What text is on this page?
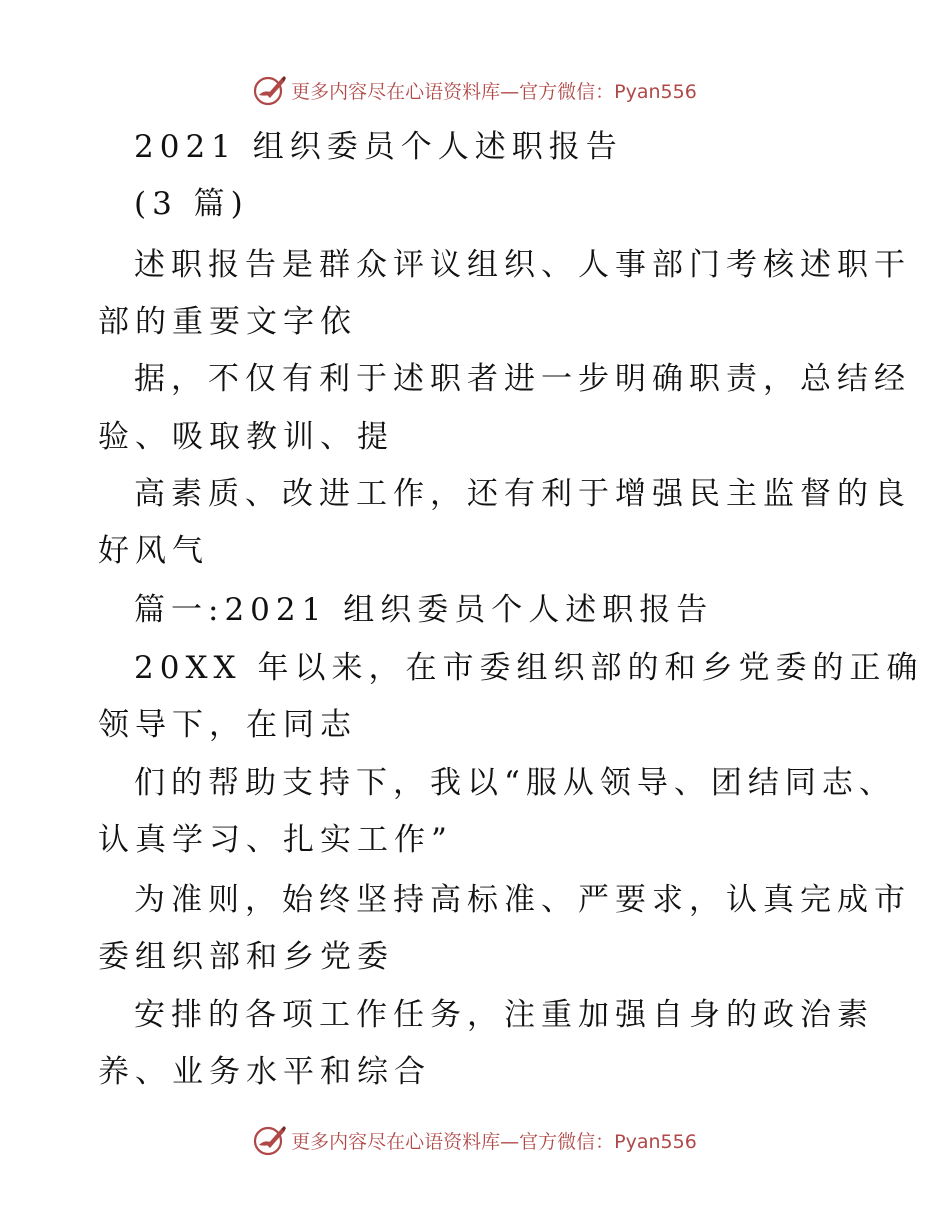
更多内容尽在心语资料库—官方微信：Pyan556
2021 组织委员个人述职报告
(3 篇)
述职报告是群众评议组织、人事部门考核述职干
部的重要文字依
据，不仅有利于述职者进一步明确职责，总结经
验、吸取教训、提
高素质、改进工作，还有利于增强民主监督的良
好风气
篇一:2021 组织委员个人述职报告
20XX 年以来，在市委组织部的和乡党委的正确
领导下，在同志
们的帮助支持下，我以“服从领导、团结同志、
认真学习、扎实工作”
为准则，始终坚持高标准、严要求，认真完成市
委组织部和乡党委
安排的各项工作任务，注重加强自身的政治素
养、业务水平和综合
更多内容尽在心语资料库—官方微信：Pyan556
